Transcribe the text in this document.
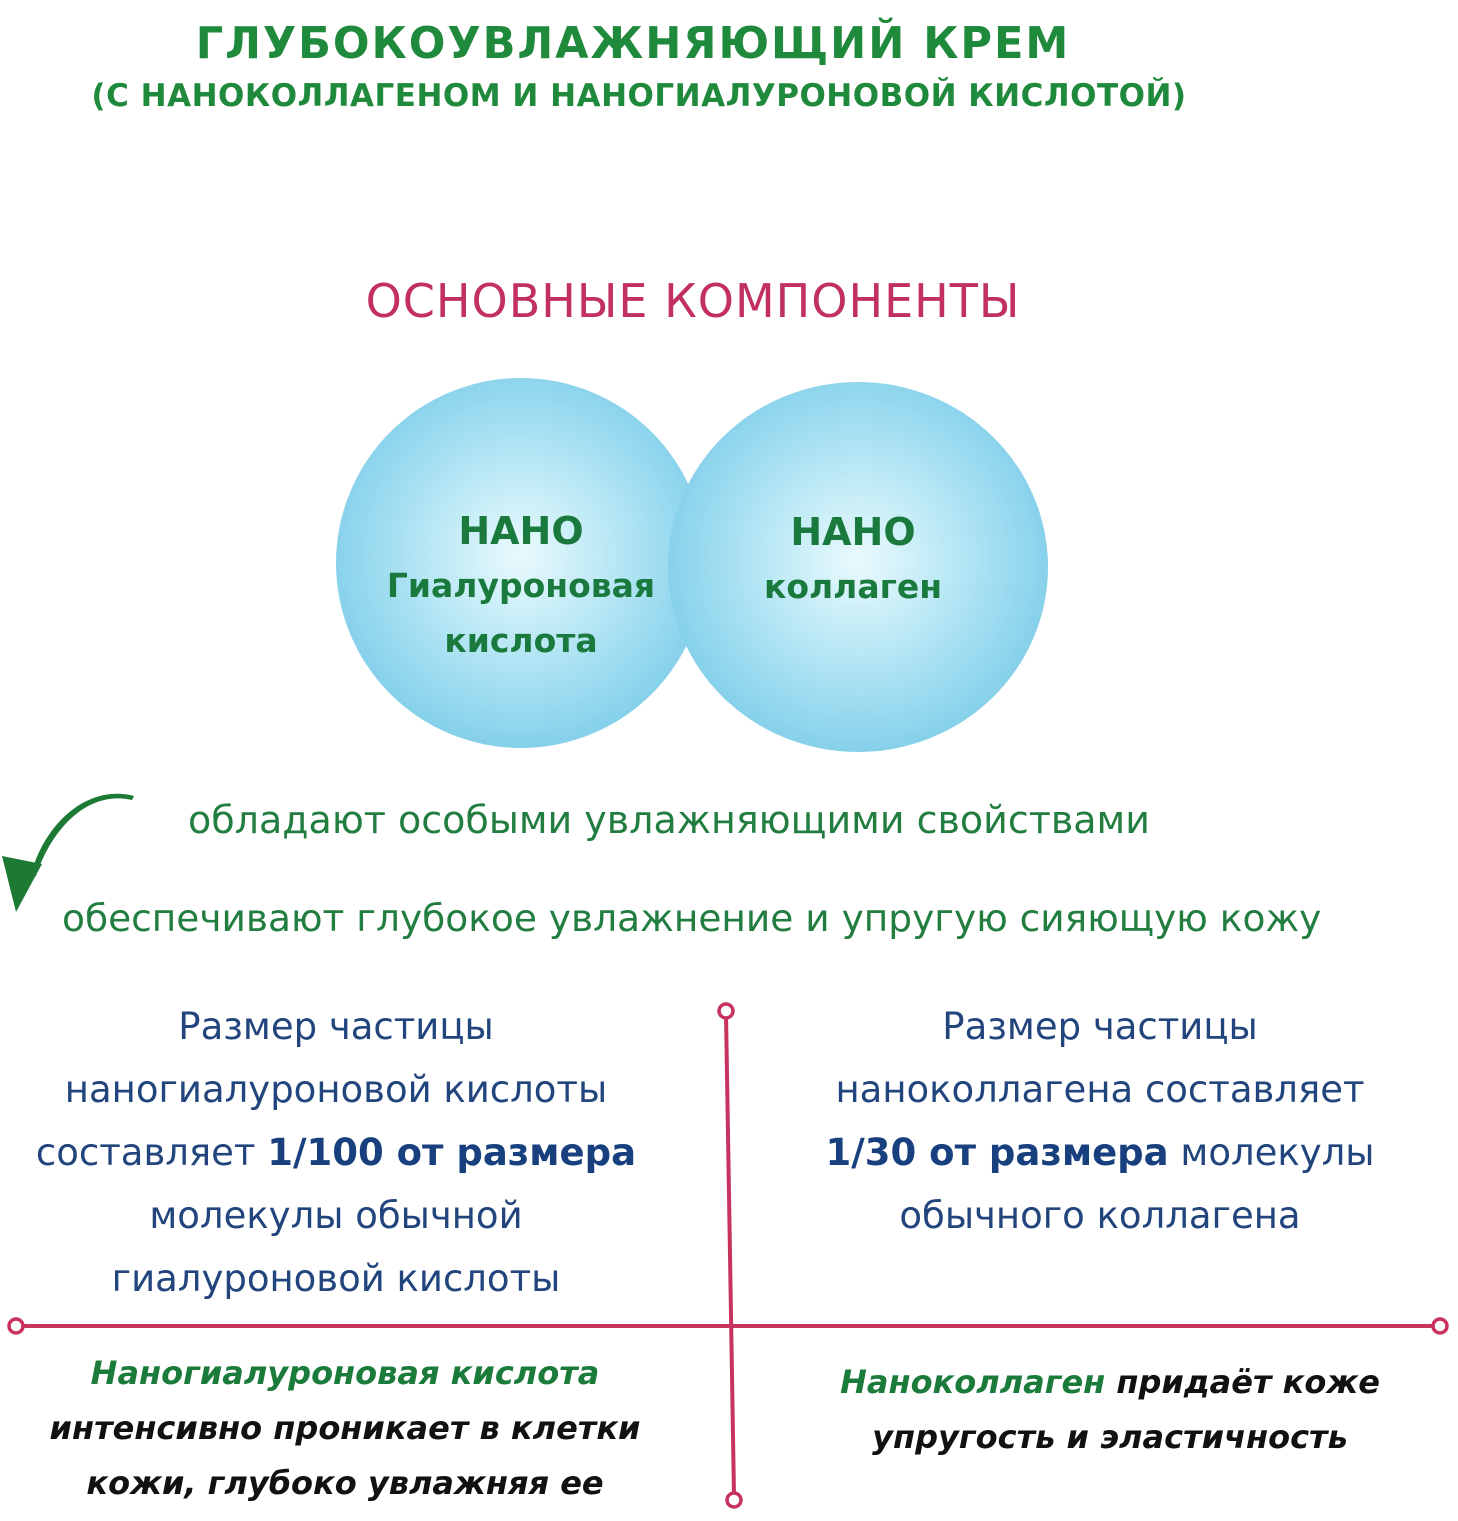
ГЛУБОКОУВЛАЖНЯЮЩИЙ КРЕМ
(С НАНОКОЛЛАГЕНОМ И НАНОГИАЛУРОНОВОЙ КИСЛОТОЙ)
ОСНОВНЫЕ КОМПОНЕНТЫ
НАНО
Гиалуроновая
кислота
НАНО
коллаген
обладают особыми увлажняющими свойствами
обеспечивают глубокое увлажнение и упругую сияющую кожу
Размер частицы
наногиалуроновой кислоты
составляет 1/100 от размера
молекулы обычной
гиалуроновой кислоты
Размер частицы
наноколлагена составляет
1/30 от размера молекулы
обычного коллагена
Наногиалуроновая кислота
интенсивно проникает в клетки
кожи, глубоко увлажняя ее
Наноколлаген придаёт коже
упругость и эластичность
